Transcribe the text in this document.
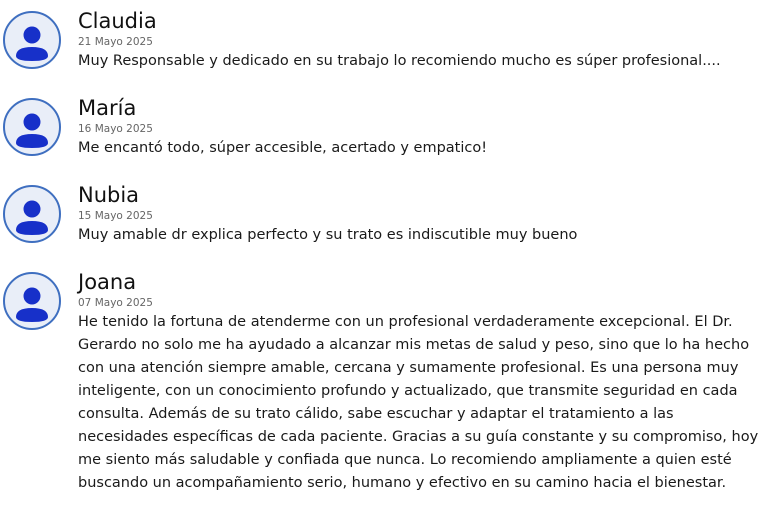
Claudia
21 Mayo 2025
Muy Responsable y dedicado en su trabajo lo recomiendo mucho es súper profesional....
María
16 Mayo 2025
Me encantó todo, súper accesible, acertado y empatico!
Nubia
15 Mayo 2025
Muy amable dr explica perfecto y su trato es indiscutible muy bueno
Joana
07 Mayo 2025
He tenido la fortuna de atenderme con un profesional verdaderamente excepcional. El Dr. Gerardo no solo me ha ayudado a alcanzar mis metas de salud y peso, sino que lo ha hecho con una atención siempre amable, cercana y sumamente profesional. Es una persona muy inteligente, con un conocimiento profundo y actualizado, que transmite seguridad en cada consulta. Además de su trato cálido, sabe escuchar y adaptar el tratamiento a las necesidades específicas de cada paciente. Gracias a su guía constante y su compromiso, hoy me siento más saludable y confiada que nunca. Lo recomiendo ampliamente a quien esté buscando un acompañamiento serio, humano y efectivo en su camino hacia el bienestar.
